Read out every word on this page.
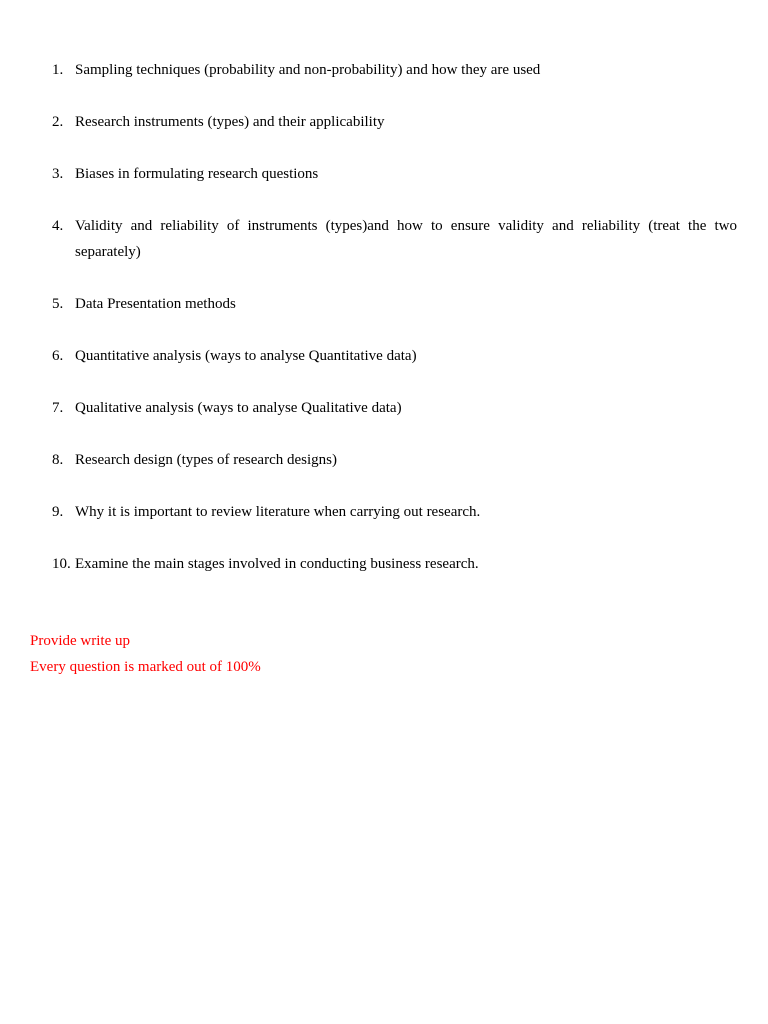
1. Sampling techniques (probability and non-probability) and how they are used
2. Research instruments (types) and their applicability
3. Biases in formulating research questions
4. Validity and reliability of instruments (types)and how to ensure validity and reliability (treat the two separately)
5. Data Presentation methods
6. Quantitative analysis (ways to analyse Quantitative data)
7. Qualitative analysis (ways to analyse Qualitative data)
8. Research design (types of research designs)
9. Why it is important to review literature when carrying out research.
10. Examine the main stages involved in conducting business research.
Provide write up
Every question is marked out of 100%
